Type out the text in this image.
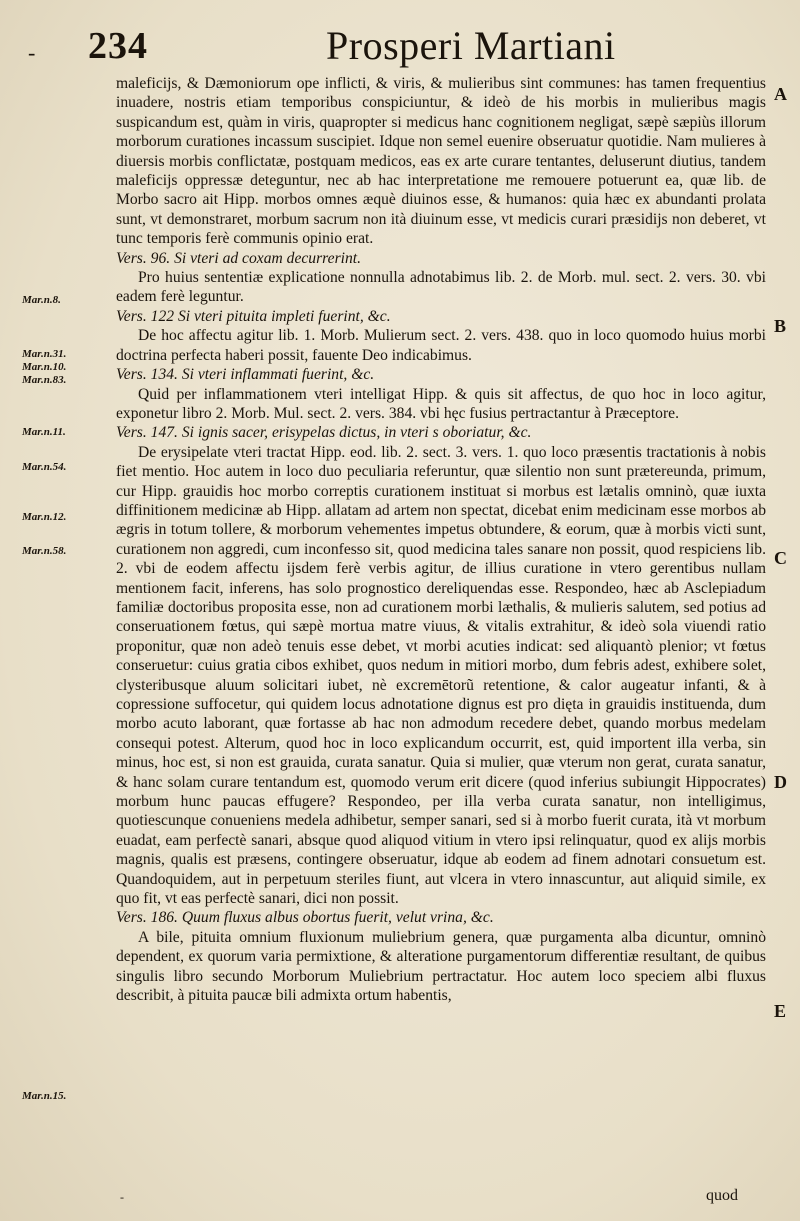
- 234	Prosperi Martiani

maleficijs, & Dæmoniorum ope inflicti, & viris, & mulieribus sint communes: has tamen frequentius inuadere, nostris etiam temporibus conspiciuntur, & ideò de his morbis in mulieribus magis suspicandum est, quàm in viris, quapropter si medicus hanc cognitionem negligat, sæpè sæpiùs illorum morborum curationes incassum suscipiet. Idque non semel euenire obseruatur quotidie. Nam mulieres à diuersis morbis conflictatæ, postquam medicos, eas ex arte curare tentantes, deluserunt diutius, tandem maleficijs oppressæ deteguntur, nec ab hac interpretatione me remouere potuerunt ea, quæ lib. de Morbo sacro ait Hipp. morbos omnes æquè diuinos esse, & humanos: quia hæc ex abundanti prolata sunt, vt demonstraret, morbum sacrum non ità diuinum esse, vt medicis curari præsidijs non deberet, vt tunc temporis ferè communis opinio erat.

Vers. 96. Si vteri ad coxam decurrerint.

Pro huius sententiæ explicatione nonnulla adnotabimus lib. 2. de Morb. mul. sect. 2. vers. 30. vbi eadem ferè leguntur.

Vers. 122 Si vteri pituita impleti fuerint, &c.

De hoc affectu agitur lib. 1. Morb. Mulierum sect. 2. vers. 438. quo in loco quomodo huius morbi doctrina perfecta haberi possit, fauente Deo indicabimus.

Vers. 134. Si vteri inflammati fuerint, &c.

Quid per inflammationem vteri intelligat Hipp. & quis sit affectus, de quo hoc in loco agitur, exponetur libro 2. Morb. Mul. sect. 2. vers. 384. vbi hęc fusius pertractantur à Præceptore.

Vers. 147. Si ignis sacer, erisypelas dictus, in vteri s oboriatur, &c.

De erysipelate vteri tractat Hipp. eod. lib. 2. sect. 3. vers. 1. quo loco præsentis tractationis à nobis fiet mentio. Hoc autem in loco duo peculiaria referuntur, quæ silentio non sunt prætereunda, primum, cur Hipp. grauidis hoc morbo correptis curationem instituat si morbus est lætalis omninò, quæ iuxta diffinitionem medicinæ ab Hipp. allatam ad artem non spectat, dicebat enim medicinam esse morbos ab ægris in totum tollere, & morborum vehementes impetus obtundere, & eorum, quæ à morbis victi sunt, curationem non aggredi, cum inconfesso sit, quod medicina tales sanare non possit, quod respiciens lib. 2. vbi de eodem affectu ijsdem ferè verbis agitur, de illius curatione in vtero gerentibus nullam mentionem facit, inferens, has solo prognostico dereliquendas esse. Respondeo, hæc ab Asclepiadum familiæ doctoribus proposita esse, non ad curationem morbi læthalis, & mulieris salutem, sed potius ad conseruationem fœtus, qui sæpè mortua matre viuus, & vitalis extrahitur, & ideò sola viuendi ratio proponitur, quæ non adeò tenuis esse debet, vt morbi acuties indicat: sed aliquantò plenior; vt fœtus conseruetur: cuius gratia cibos exhibet, quos nedum in mitiori morbo, dum febris adest, exhibere solet, clysteribusque aluum solicitari iubet, nè excremētorũ retentione, & calor augeatur infanti, & à copressione suffocetur, qui quidem locus adnotatione dignus est pro dięta in grauidis instituenda, dum morbo acuto laborant, quæ fortasse ab hac non admodum recedere debet, quando morbus medelam consequi potest. Alterum, quod hoc in loco explicandum occurrit, est, quid importent illa verba, sin minus, hoc est, si non est grauida, curata sanatur. Quia si mulier, quæ vterum non gerat, curata sanatur, & hanc solam curare tentandum est, quomodo verum erit dicere (quod inferius subiungit Hippocrates) morbum hunc paucas effugere? Respondeo, per illa verba curata sanatur, non intelligimus, quotiescunque conueniens medela adhibetur, semper sanari, sed si à morbo fuerit curata, ità vt morbum euadat, eam perfectè sanari, absque quod aliquod vitium in vtero ipsi relinquatur, quod ex alijs morbis magnis, qualis est præsens, contingere obseruatur, idque ab eodem ad finem adnotari consuetum est. Quandoquidem, aut in perpetuum steriles fiunt, aut vlcera in vtero innascuntur, aut aliquid simile, ex quo fit, vt eas perfectè sanari, dici non possit.

Vers. 186. Quum fluxus albus obortus fuerit, velut vrina, &c.

A bile, pituita omnium fluxionum muliebrium genera, quæ purgamenta alba dicuntur, omninò dependent, ex quorum varia permixtione, & alteratione purgamentorum differentiæ resultant, de quibus singulis libro secundo Morborum Muliebrium pertractatur. Hoc autem loco speciem albi fluxus describit, à pituita paucæ bili admixta ortum habentis,

Mar.n.8.
Mar.n.31.
Mar.n.10.
Mar.n.83.
Mar.n.11.
Mar.n.54.
Mar.n.12.
Mar.n.58.
Mar.n.15.
A
B
C
D
E
-	quod
